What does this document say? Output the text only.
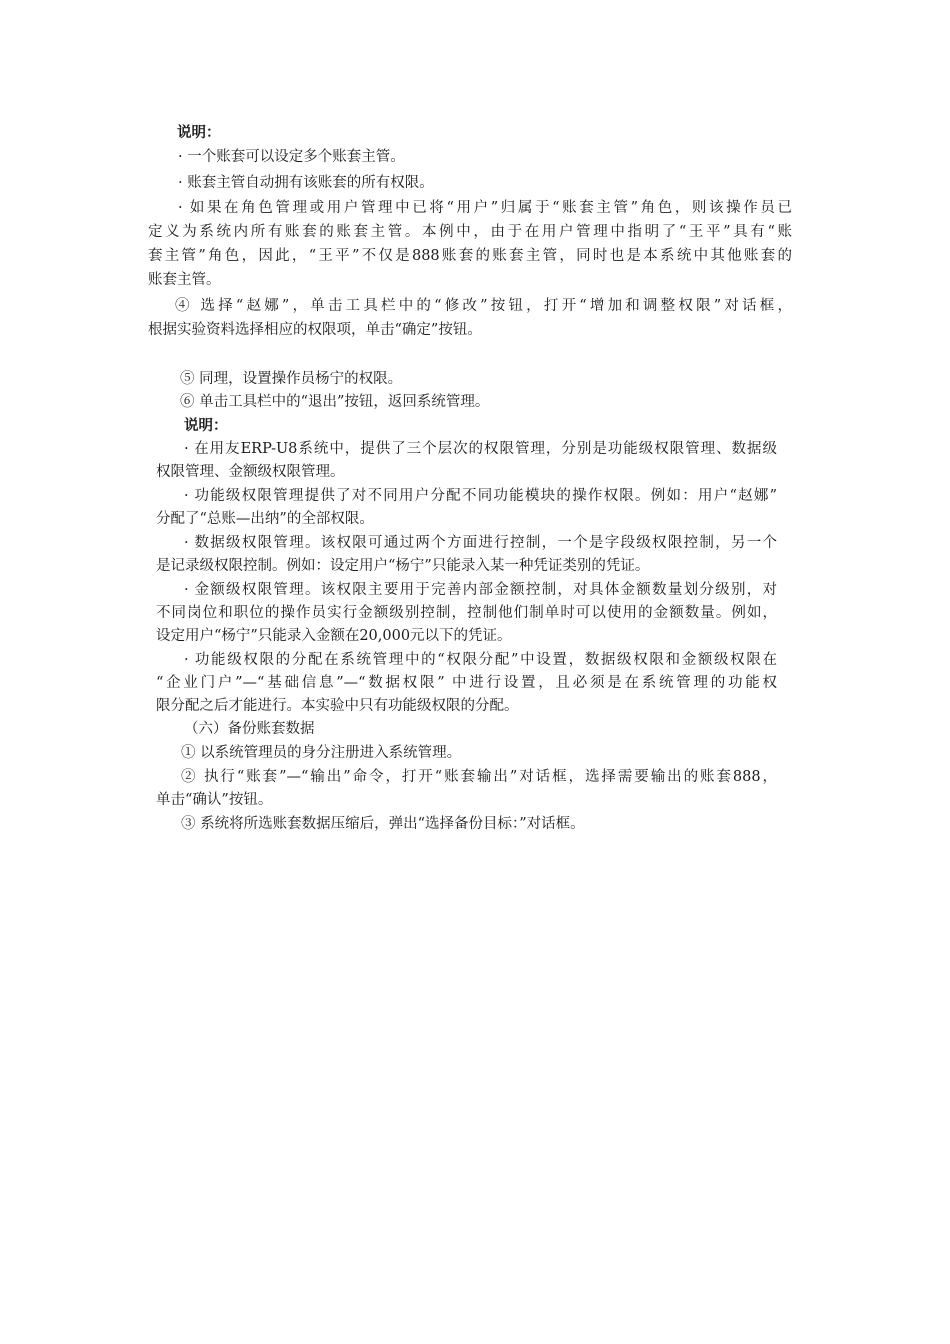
说明：
· 一个账套可以设定多个账套主管。
· 账套主管自动拥有该账套的所有权限。
· 如果在角色管理或用户管理中已将“用户”归属于“账套主管”角色，则该操作员已
定义为系统内所有账套的账套主管。本例中，由于在用户管理中指明了“王平”具有“账
套主管”角色，因此，“王平”不仅是888账套的账套主管，同时也是本系统中其他账套的
账套主管。
④ 选择“赵娜”，单击工具栏中的“修改”按钮，打开“增加和调整权限”对话框，
根据实验资料选择相应的权限项，单击“确定”按钮。
⑤ 同理，设置操作员杨宁的权限。
⑥ 单击工具栏中的“退出”按钮，返回系统管理。
说明：
· 在用友ERP-U8系统中，提供了三个层次的权限管理，分别是功能级权限管理、数据级
权限管理、金额级权限管理。
· 功能级权限管理提供了对不同用户分配不同功能模块的操作权限。例如：用户“赵娜”
分配了“总账—出纳”的全部权限。
· 数据级权限管理。该权限可通过两个方面进行控制，一个是字段级权限控制，另一个
是记录级权限控制。例如：设定用户“杨宁”只能录入某一种凭证类别的凭证。
· 金额级权限管理。该权限主要用于完善内部金额控制，对具体金额数量划分级别，对
不同岗位和职位的操作员实行金额级别控制，控制他们制单时可以使用的金额数量。例如，
设定用户“杨宁”只能录入金额在20,000元以下的凭证。
· 功能级权限的分配在系统管理中的“权限分配”中设置，数据级权限和金额级权限在
“企业门户”—“基础信息”—“数据权限” 中进行设置，且必须是在系统管理的功能权
限分配之后才能进行。本实验中只有功能级权限的分配。
（六）备份账套数据
① 以系统管理员的身分注册进入系统管理。
② 执行“账套”—“输出”命令，打开“账套输出”对话框，选择需要输出的账套888，
单击“确认”按钮。
③ 系统将所选账套数据压缩后，弹出“选择备份目标：”对话框。
